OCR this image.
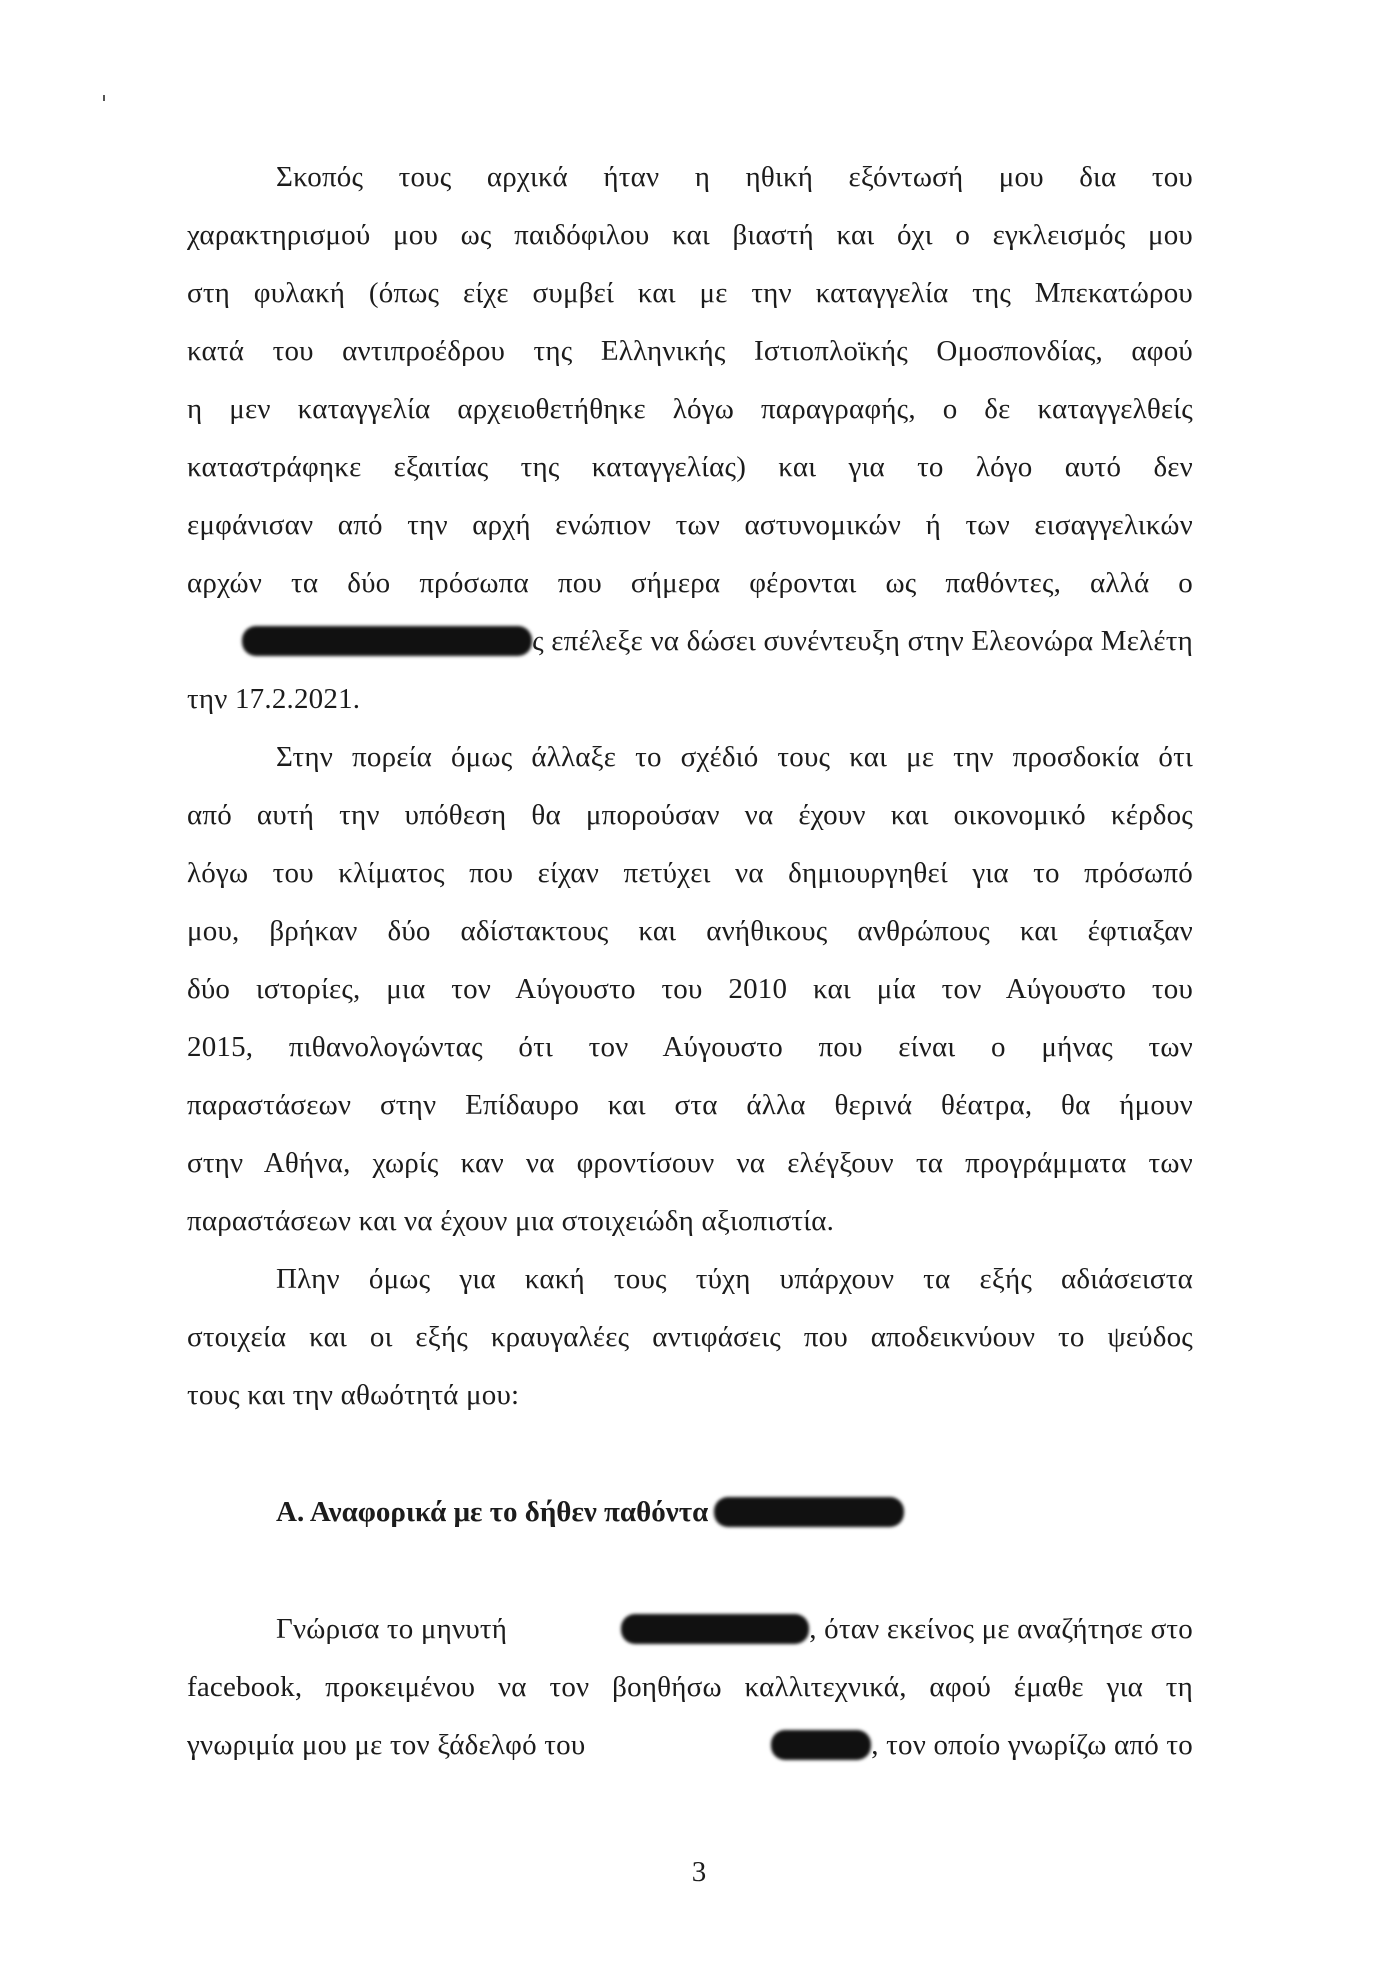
Σκοπός τους αρχικά ήταν η ηθική εξόντωσή μου δια του
χαρακτηρισμού μου ως παιδόφιλου και βιαστή και όχι ο εγκλεισμός μου
στη φυλακή (όπως είχε συμβεί και με την καταγγελία της Μπεκατώρου
κατά του αντιπροέδρου της Ελληνικής Ιστιοπλοϊκής Ομοσπονδίας, αφού
η μεν καταγγελία αρχειοθετήθηκε λόγω παραγραφής, ο δε καταγγελθείς
καταστράφηκε εξαιτίας της καταγγελίας) και για το λόγο αυτό δεν
εμφάνισαν από την αρχή ενώπιον των αστυνομικών ή των εισαγγελικών
αρχών τα δύο πρόσωπα που σήμερα φέρονται ως παθόντες, αλλά ο
ς επέλεξε να δώσει συνέντευξη στην Ελεονώρα Μελέτη
την 17.2.2021.
Στην πορεία όμως άλλαξε το σχέδιό τους και με την προσδοκία ότι
από αυτή την υπόθεση θα μπορούσαν να έχουν και οικονομικό κέρδος
λόγω του κλίματος που είχαν πετύχει να δημιουργηθεί για το πρόσωπό
μου, βρήκαν δύο αδίστακτους και ανήθικους ανθρώπους και έφτιαξαν
δύο ιστορίες, μια τον Αύγουστο του 2010 και μία τον Αύγουστο του
2015, πιθανολογώντας ότι τον Αύγουστο που είναι ο μήνας των
παραστάσεων στην Επίδαυρο και στα άλλα θερινά θέατρα, θα ήμουν
στην Αθήνα, χωρίς καν να φροντίσουν να ελέγξουν τα προγράμματα των
παραστάσεων και να έχουν μια στοιχειώδη αξιοπιστία.
Πλην όμως για κακή τους τύχη υπάρχουν τα εξής αδιάσειστα
στοιχεία και οι εξής κραυγαλέες αντιφάσεις που αποδεικνύουν το ψεύδος
τους και την αθωότητά μου:
Α. Αναφορικά με το δήθεν παθόντα
Γνώρισα το μηνυτή	, όταν εκείνος με αναζήτησε στο
facebook, προκειμένου να τον βοηθήσω καλλιτεχνικά, αφού έμαθε για τη
γνωριμία μου με τον ξάδελφό του	, τον οποίο γνωρίζω από το
3
